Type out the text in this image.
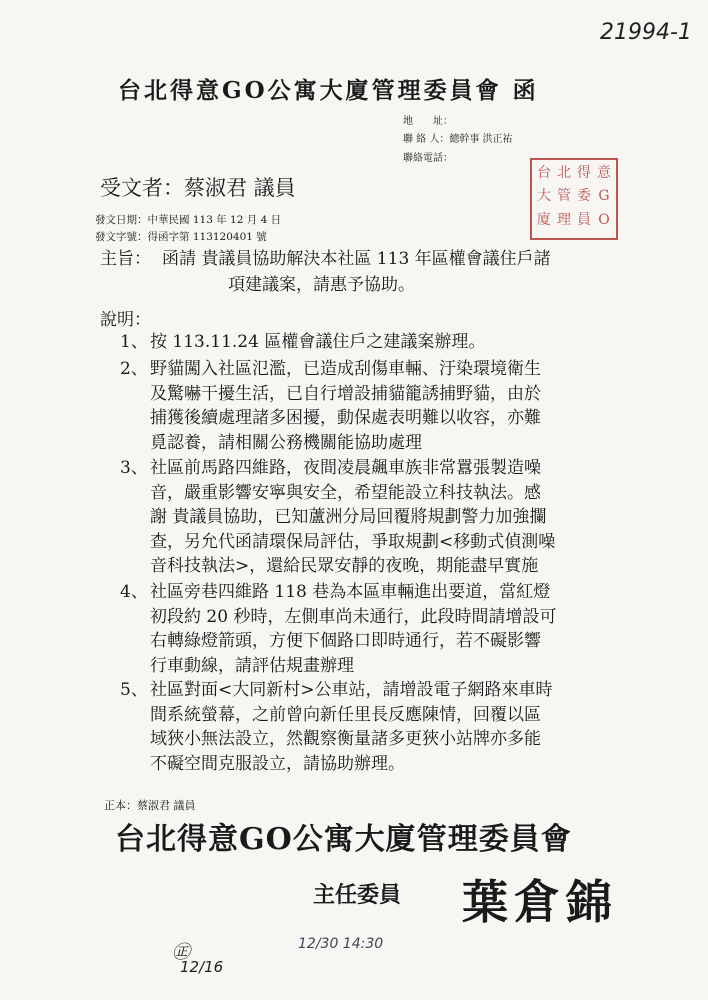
21994-1
台北得意GO公寓大廈管理委員會 函
地　　址：
聯 絡 人：總幹事 洪正祐
聯絡電話：
台 北 得 意
大 管 委 G
廈 理 員 O
受文者：蔡淑君 議員
發文日期：中華民國 113 年 12 月 4 日
發文字號：得函字第 113120401 號
主旨： 函請 貴議員協助解決本社區 113 年區權會議住戶諸
項建議案，請惠予協助。
說明：
1、 按 113.11.24 區權會議住戶之建議案辦理。
2、 野貓闖入社區氾濫，已造成刮傷車輛、汙染環境衛生
及驚嚇干擾生活，已自行增設捕貓籠誘捕野貓，由於
捕獲後續處理諸多困擾，動保處表明難以收容，亦難
覓認養，請相關公務機關能協助處理
3、 社區前馬路四維路，夜間凌晨飆車族非常囂張製造噪
音，嚴重影響安寧與安全，希望能設立科技執法。感
謝 貴議員協助，已知蘆洲分局回覆將規劃警力加強攔
查，另允代函請環保局評估，爭取規劃<移動式偵測噪
音科技執法>，還給民眾安靜的夜晚，期能盡早實施
4、 社區旁巷四維路 118 巷為本區車輛進出要道，當紅燈
初段約 20 秒時，左側車尚未通行，此段時間請增設可
右轉綠燈箭頭，方便下個路口即時通行，若不礙影響
行車動線，請評估規畫辦理
5、 社區對面<大同新村>公車站，請增設電子網路來車時
間系統螢幕，之前曾向新任里長反應陳情，回覆以區
域狹小無法設立，然觀察衡量諸多更狹小站牌亦多能
不礙空間克服設立，請協助辦理。
正本：蔡淑君 議員
台北得意GO公寓大廈管理委員會
主任委員 葉倉錦
㊣
12/16
12/30 14:30
